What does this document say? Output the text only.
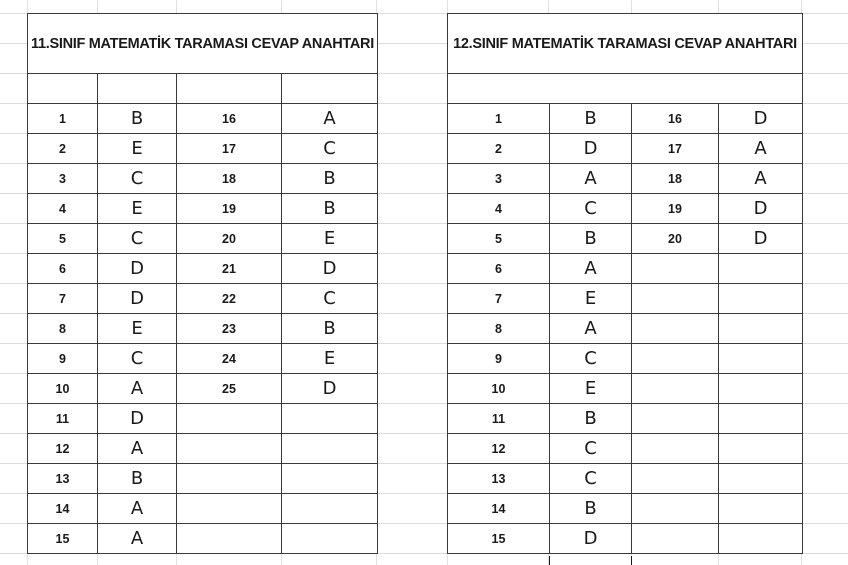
11.SINIF MATEMATİK TARAMASI CEVAP ANAHTARI			

1	B	16	A
2	E	17	C
3	C	18	B
4	E	19	B
5	C	20	E
6	D	21	D
7	D	22	C
8	E	23	B
9	C	24	E
10	A	25	D
11	D		
12	A		
13	B		
14	A		
15	A		
12.SINIF MATEMATİK TARAMASI CEVAP ANAHTARI			

1	B	16	D
2	D	17	A
3	A	18	A
4	C	19	D
5	B	20	D
6	A		
7	E		
8	A		
9	C		
10	E		
11	B		
12	C		
13	C		
14	B		
15	D		
